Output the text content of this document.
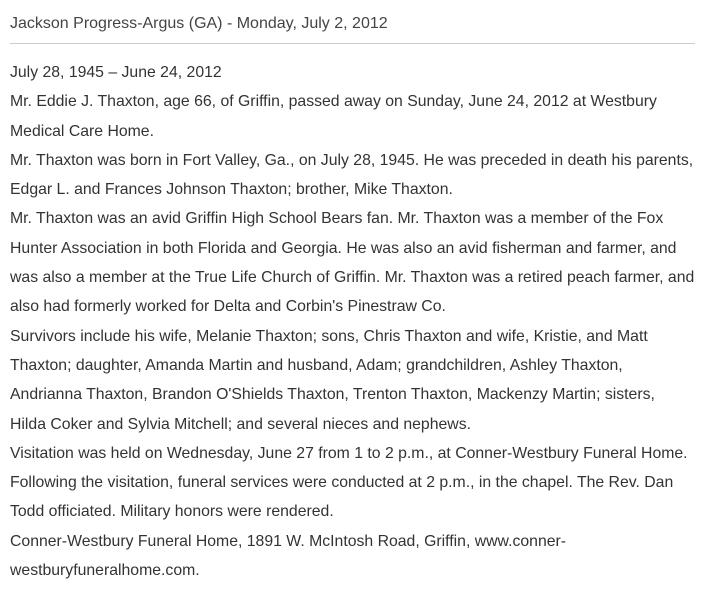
Jackson Progress-Argus (GA) - Monday, July 2, 2012

July 28, 1945 – June 24, 2012

Mr. Eddie J. Thaxton, age 66, of Griffin, passed away on Sunday, June 24, 2012 at Westbury Medical Care Home.

Mr. Thaxton was born in Fort Valley, Ga., on July 28, 1945. He was preceded in death his parents, Edgar L. and Frances Johnson Thaxton; brother, Mike Thaxton.

Mr. Thaxton was an avid Griffin High School Bears fan. Mr. Thaxton was a member of the Fox Hunter Association in both Florida and Georgia. He was also an avid fisherman and farmer, and was also a member at the True Life Church of Griffin. Mr. Thaxton was a retired peach farmer, and also had formerly worked for Delta and Corbin's Pinestraw Co.

Survivors include his wife, Melanie Thaxton; sons, Chris Thaxton and wife, Kristie, and Matt Thaxton; daughter, Amanda Martin and husband, Adam; grandchildren, Ashley Thaxton, Andrianna Thaxton, Brandon O'Shields Thaxton, Trenton Thaxton, Mackenzy Martin; sisters, Hilda Coker and Sylvia Mitchell; and several nieces and nephews.

Visitation was held on Wednesday, June 27 from 1 to 2 p.m., at Conner-Westbury Funeral Home. Following the visitation, funeral services were conducted at 2 p.m., in the chapel. The Rev. Dan Todd officiated. Military honors were rendered.

Conner-Westbury Funeral Home, 1891 W. McIntosh Road, Griffin, www.conner-westburyfuneralhome.com.
